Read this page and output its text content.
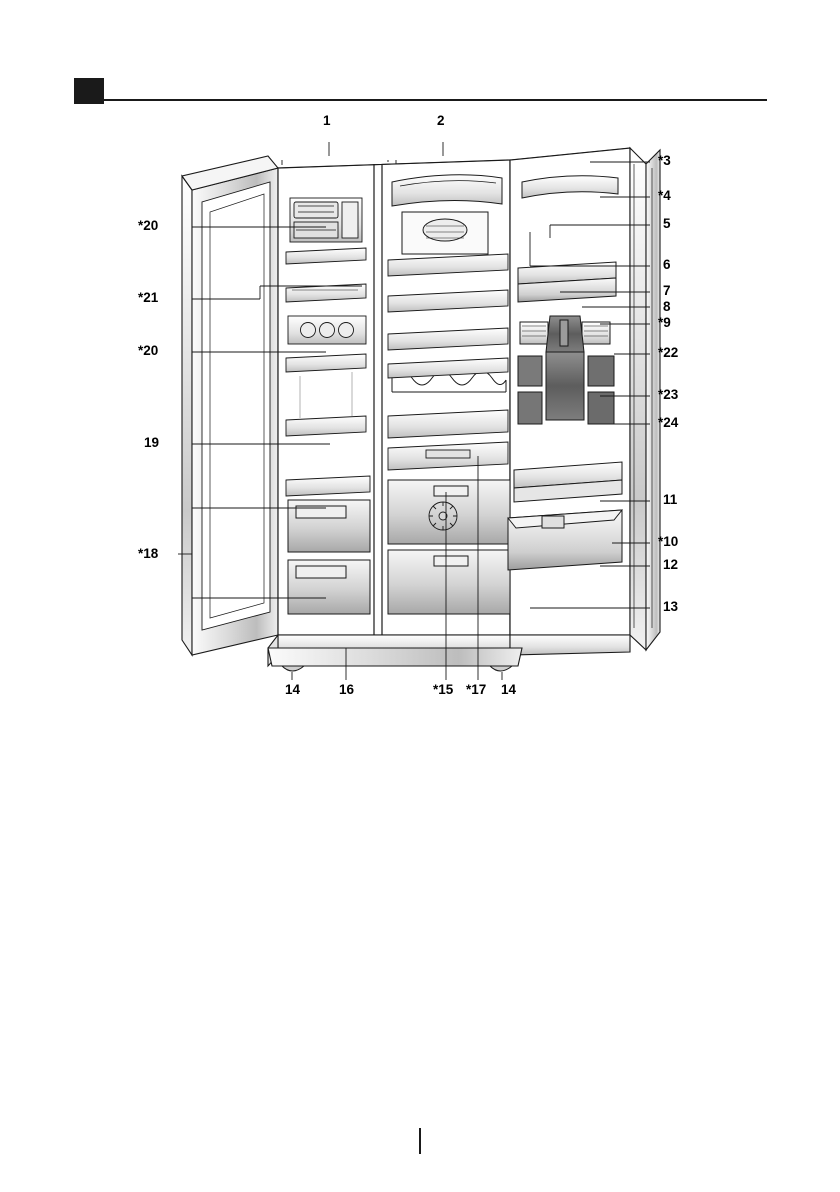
1	2
*3
*4
5
6
7
8
*9
*22
*23
*24
11
*10
12
13
*20
*21
*20
19
*18
14	16	*15 *17 14
